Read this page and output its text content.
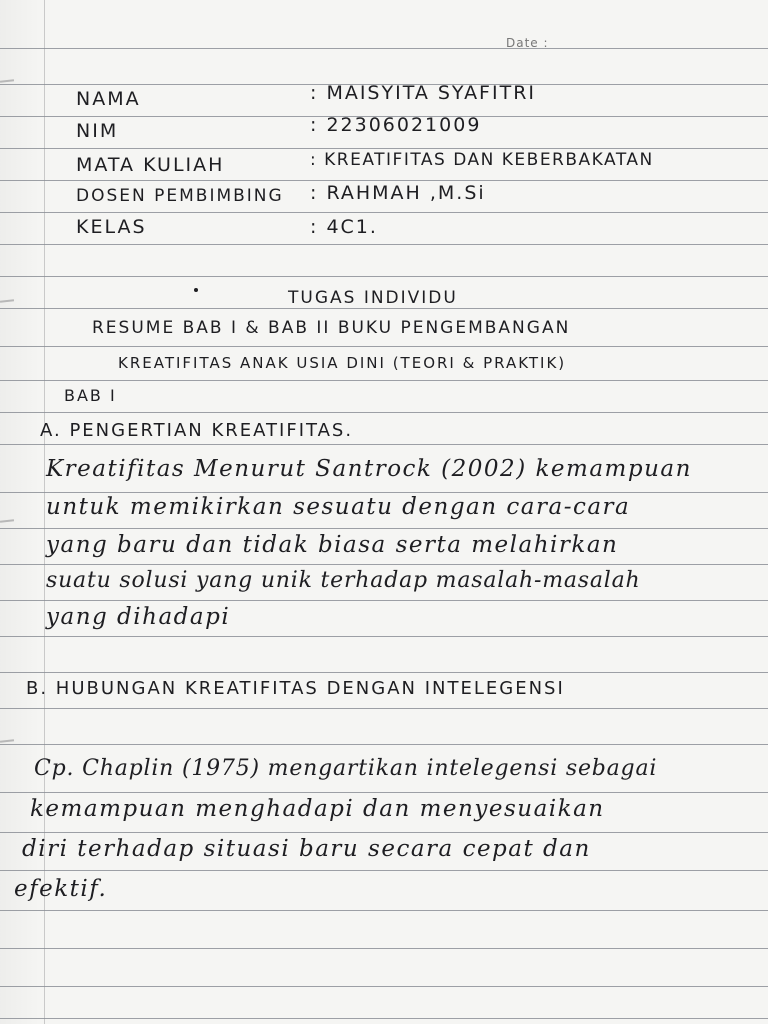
Date :
NAMA	: MAISYITA SYAFITRI
NIM	: 22306021009
MATA KULIAH	: KREATIFITAS DAN KEBERBAKATAN
DOSEN PEMBIMBING : RAHMAH ,M.Si
KELAS	: 4C1.
TUGAS INDIVIDU
RESUME BAB I & BAB II BUKU PENGEMBANGAN
KREATIFITAS ANAK USIA DINI (TEORI & PRAKTIK)
BAB I
A. PENGERTIAN KREATIFITAS.
Kreatifitas Menurut Santrock (2002) kemampuan
untuk memikirkan sesuatu dengan cara-cara
yang baru dan tidak biasa serta melahirkan
suatu solusi yang unik terhadap masalah-masalah
yang dihadapi
B. HUBUNGAN KREATIFITAS DENGAN INTELEGENSI
Cp. Chaplin (1975) mengartikan intelegensi sebagai
kemampuan menghadapi dan menyesuaikan
diri terhadap situasi baru secara cepat dan
efektif.
